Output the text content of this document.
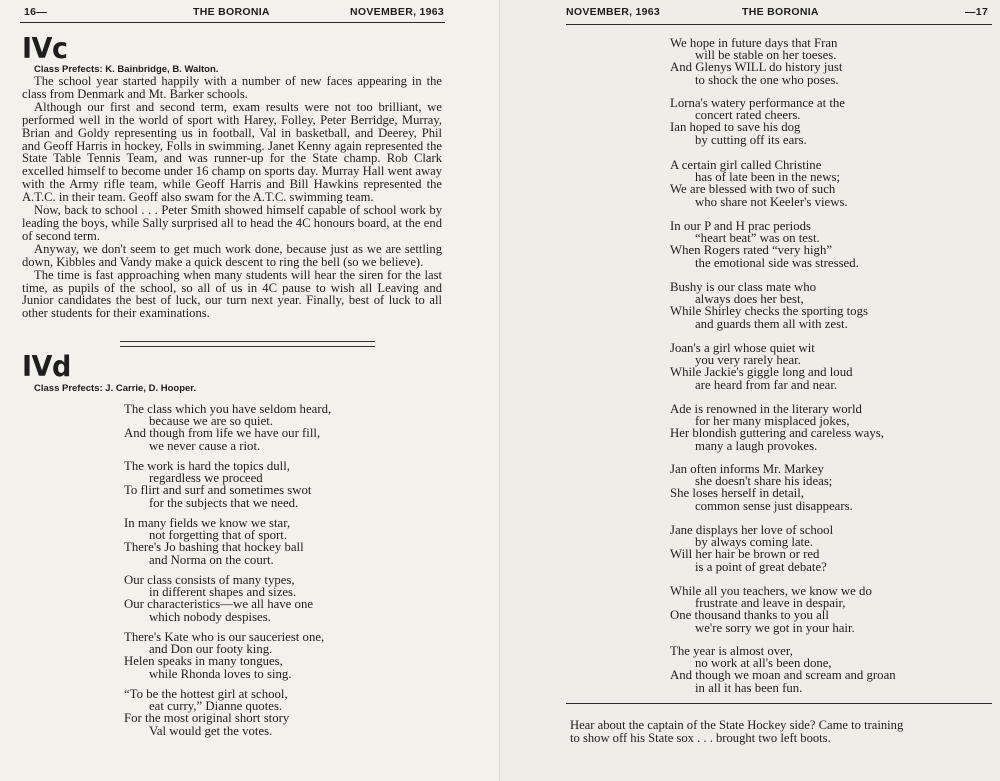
16—	THE BORONIA	NOVEMBER, 1963
IVc
Class Prefects: K. Bainbridge, B. Walton.

The school year started happily with a number of new faces appearing in the class from Denmark and Mt. Barker schools.

Although our first and second term, exam results were not too brilliant, we performed well in the world of sport with Harey, Folley, Peter Berridge, Murray, Brian and Goldy representing us in football, Val in basketball, and Deerey, Phil and Geoff Harris in hockey, Folls in swimming. Janet Kenny again represented the State Table Tennis Team, and was runner-up for the State champ. Rob Clark excelled himself to become under 16 champ on sports day. Murray Hall went away with the Army rifle team, while Geoff Harris and Bill Hawkins represented the A.T.C. in their team. Geoff also swam for the A.T.C. swimming team.

Now, back to school . . . Peter Smith showed himself capable of school work by leading the boys, while Sally surprised all to head the 4C honours board, at the end of second term.

Anyway, we don't seem to get much work done, because just as we are settling down, Kibbles and Vandy make a quick descent to ring the bell (so we believe).

The time is fast approaching when many students will hear the siren for the last time, as pupils of the school, so all of us in 4C pause to wish all Leaving and Junior candidates the best of luck, our turn next year. Finally, best of luck to all other students for their examinations.

IVd
Class Prefects: J. Carrie, D. Hooper.
The class which you have seldom heard,
because we are so quiet.
And though from life we have our fill,
we never cause a riot.
The work is hard the topics dull,
regardless we proceed
To flirt and surf and sometimes swot
for the subjects that we need.
In many fields we know we star,
not forgetting that of sport.
There's Jo bashing that hockey ball
and Norma on the court.
Our class consists of many types,
in different shapes and sizes.
Our characteristics—we all have one
which nobody despises.
There's Kate who is our sauceriest one,
and Don our footy king.
Helen speaks in many tongues,
while Rhonda loves to sing.
“To be the hottest girl at school,
eat curry,” Dianne quotes.
For the most original short story
Val would get the votes.
NOVEMBER, 1963	THE BORONIA	—17
We hope in future days that Fran
will be stable on her toeses.
And Glenys WILL do history just
to shock the one who poses.
Lorna's watery performance at the
concert rated cheers.
Ian hoped to save his dog
by cutting off its ears.
A certain girl called Christine
has of late been in the news;
We are blessed with two of such
who share not Keeler's views.
In our P and H prac periods
“heart beat” was on test.
When Rogers rated “very high”
the emotional side was stressed.
Bushy is our class mate who
always does her best,
While Shirley checks the sporting togs
and guards them all with zest.
Joan's a girl whose quiet wit
you very rarely hear.
While Jackie's giggle long and loud
are heard from far and near.
Ade is renowned in the literary world
for her many misplaced jokes,
Her blondish guttering and careless ways,
many a laugh provokes.
Jan often informs Mr. Markey
she doesn't share his ideas;
She loses herself in detail,
common sense just disappears.
Jane displays her love of school
by always coming late.
Will her hair be brown or red
is a point of great debate?
While all you teachers, we know we do
frustrate and leave in despair,
One thousand thanks to you all
we're sorry we got in your hair.
The year is almost over,
no work at all's been done,
And though we moan and scream and groan
in all it has been fun.
Hear about the captain of the State Hockey side? Came to training
to show off his State sox . . . brought two left boots.
